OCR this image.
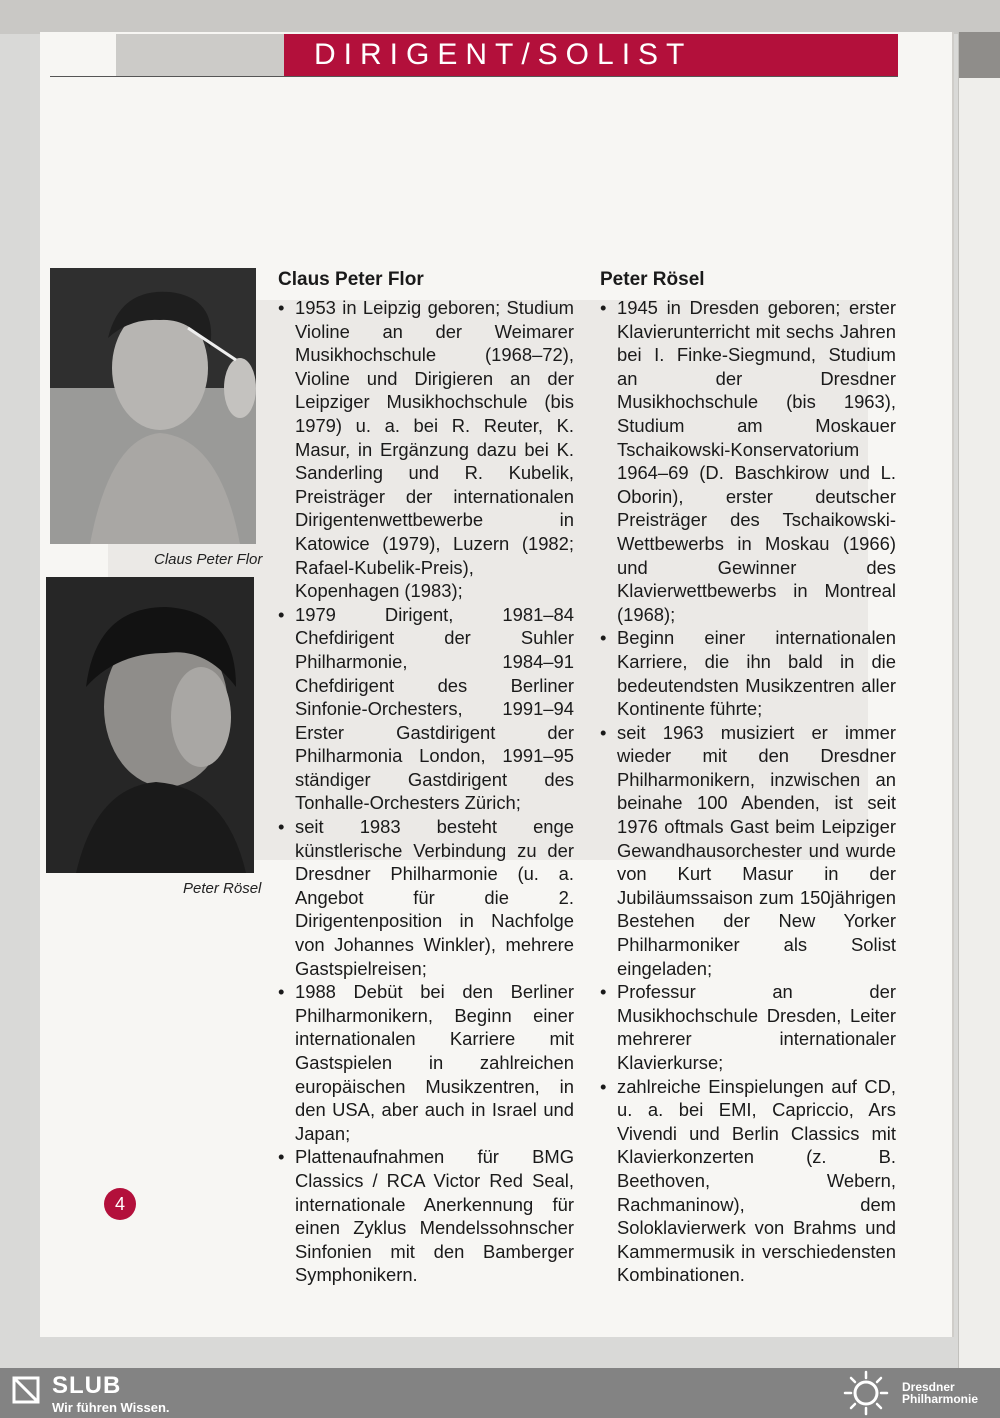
DIRIGENT/SOLIST
Claus Peter Flor
Peter Rösel
Claus Peter Flor
• 1953 in Leipzig geboren; Studium Violine an der Weimarer Musikhochschule (1968–72), Violine und Dirigieren an der Leipziger Musikhochschule (bis 1979) u. a. bei R. Reuter, K. Masur, in Ergänzung dazu bei K. Sanderling und R. Kubelik, Preisträger der internationalen Dirigentenwettbewerbe in Katowice (1979), Luzern (1982; Rafael-Kubelik-Preis), Kopenhagen (1983);
• 1979 Dirigent, 1981–84 Chefdirigent der Suhler Philharmonie, 1984–91 Chefdirigent des Berliner Sinfonie-Orchesters, 1991–94 Erster Gastdirigent der Philharmonia London, 1991–95 ständiger Gastdirigent des Tonhalle-Orchesters Zürich;
• seit 1983 besteht enge künstlerische Verbindung zu der Dresdner Philharmonie (u. a. Angebot für die 2. Dirigentenposition in Nachfolge von Johannes Winkler), mehrere Gastspielreisen;
• 1988 Debüt bei den Berliner Philharmonikern, Beginn einer internationalen Karriere mit Gastspielen in zahlreichen europäischen Musikzentren, in den USA, aber auch in Israel und Japan;
• Plattenaufnahmen für BMG Classics / RCA Victor Red Seal, internationale Anerkennung für einen Zyklus Mendelssohnscher Sinfonien mit den Bamberger Symphonikern.
Peter Rösel
• 1945 in Dresden geboren; erster Klavierunterricht mit sechs Jahren bei I. Finke-Siegmund, Studium an der Dresdner Musikhochschule (bis 1963), Studium am Moskauer Tschaikowski-Konservatorium 1964–69 (D. Baschkirow und L. Oborin), erster deutscher Preisträger des Tschaikowski-Wettbewerbs in Moskau (1966) und Gewinner des Klavierwettbewerbs in Montreal (1968);
• Beginn einer internationalen Karriere, die ihn bald in die bedeutendsten Musikzentren aller Kontinente führte;
• seit 1963 musiziert er immer wieder mit den Dresdner Philharmonikern, inzwischen an beinahe 100 Abenden, ist seit 1976 oftmals Gast beim Leipziger Gewandhausorchester und wurde von Kurt Masur in der Jubiläumssaison zum 150jährigen Bestehen der New Yorker Philharmoniker als Solist eingeladen;
• Professur an der Musikhochschule Dresden, Leiter mehrerer internationaler Klavierkurse;
• zahlreiche Einspielungen auf CD, u. a. bei EMI, Capriccio, Ars Vivendi und Berlin Classics mit Klavierkonzerten (z. B. Beethoven, Webern, Rachmaninow), dem Soloklavierwerk von Brahms und Kammermusik in verschiedensten Kombinationen.
4
SLUB
Wir führen Wissen.
Dresdner
Philharmonie
